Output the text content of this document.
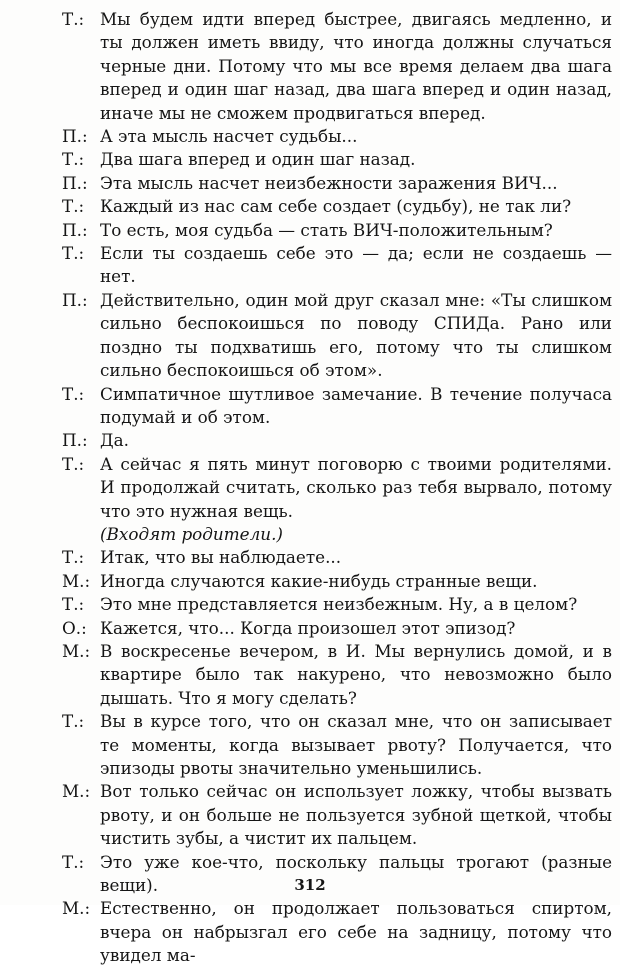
Т.: Мы будем идти вперед быстрее, двигаясь медленно, и ты должен иметь ввиду, что иногда должны случаться черные дни. Потому что мы все время делаем два шага вперед и один шаг назад, два шага вперед и один назад, иначе мы не сможем продвигаться вперед.
П.: А эта мысль насчет судьбы...
Т.: Два шага вперед и один шаг назад.
П.: Эта мысль насчет неизбежности заражения ВИЧ...
Т.: Каждый из нас сам себе создает (судьбу), не так ли?
П.: То есть, моя судьба — стать ВИЧ-положительным?
Т.: Если ты создаешь себе это — да; если не создаешь — нет.
П.: Действительно, один мой друг сказал мне: «Ты слишком сильно беспокоишься по поводу СПИДа. Рано или поздно ты подхватишь его, потому что ты слишком сильно беспокоишься об этом».
Т.: Симпатичное шутливое замечание. В течение получаса подумай и об этом.
П.: Да.
Т.: А сейчас я пять минут поговорю с твоими родителями. И продолжай считать, сколько раз тебя вырвало, потому что это нужная вещь.
(Входят родители.)
Т.: Итак, что вы наблюдаете...
М.: Иногда случаются какие-нибудь странные вещи.
Т.: Это мне представляется неизбежным. Ну, а в целом?
О.: Кажется, что... Когда произошел этот эпизод?
М.: В воскресенье вечером, в И. Мы вернулись домой, и в квартире было так накурено, что невозможно было дышать. Что я могу сделать?
Т.: Вы в курсе того, что он сказал мне, что он записывает те моменты, когда вызывает рвоту? Получается, что эпизоды рвоты значительно уменьшились.
М.: Вот только сейчас он использует ложку, чтобы вызвать рвоту, и он больше не пользуется зубной щеткой, чтобы чистить зубы, а чистит их пальцем.
Т.: Это уже кое-что, поскольку пальцы трогают (разные вещи).
М.: Естественно, он продолжает пользоваться спиртом, вчера он набрызгал его себе на задницу, потому что увидел ма-
312
